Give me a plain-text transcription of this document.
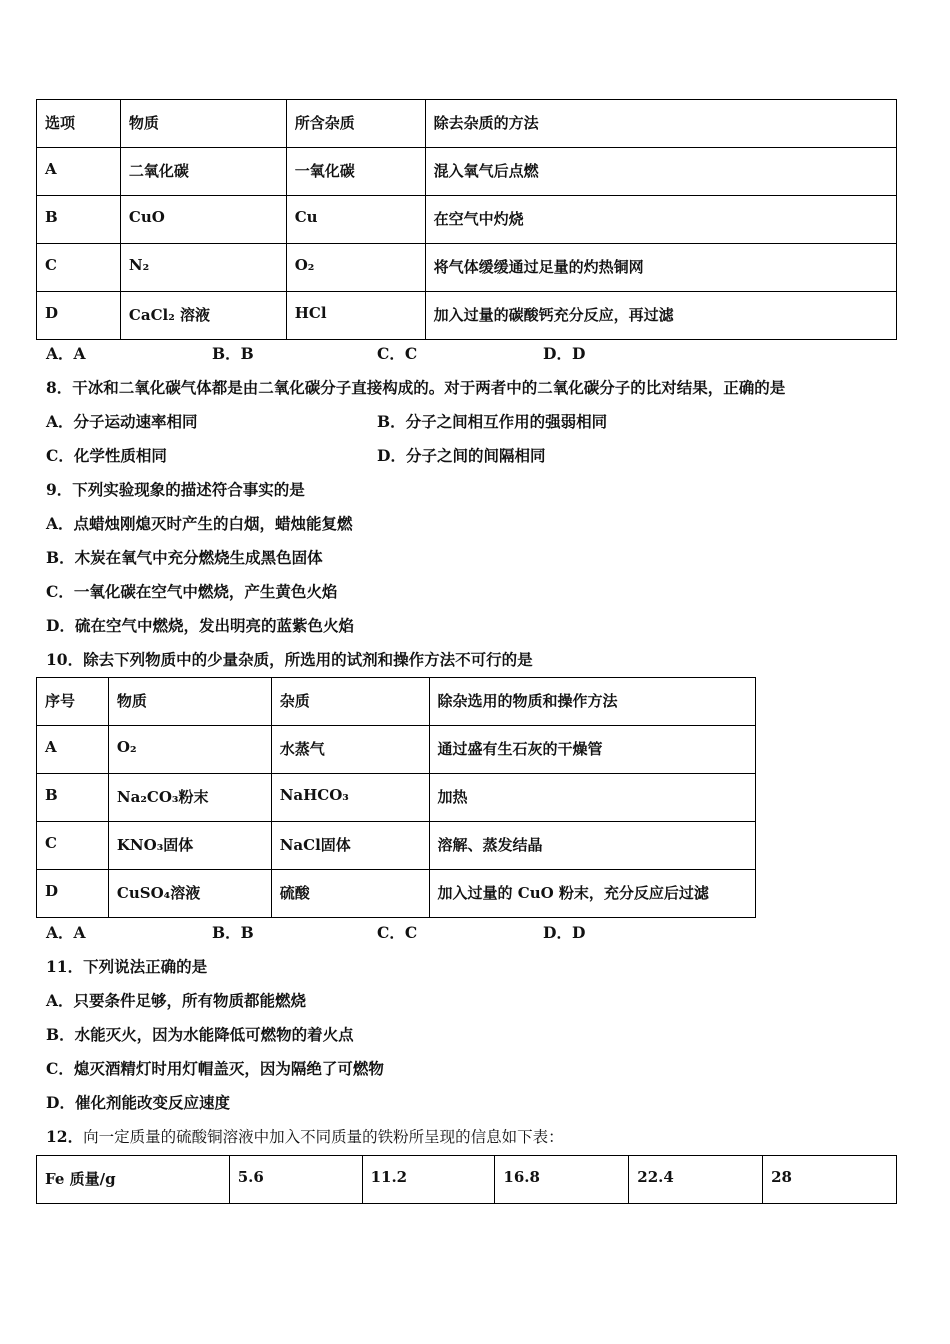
选项	物质	所含杂质	除去杂质的方法
A	二氧化碳	一氧化碳	混入氧气后点燃
B	CuO	Cu	在空气中灼烧
C	N₂	O₂	将气体缓缓通过足量的灼热铜网
D	CaCl₂ 溶液	HCl	加入过量的碳酸钙充分反应，再过滤
A．A	B．B	C．C	D．D
8．干冰和二氧化碳气体都是由二氧化碳分子直接构成的。对于两者中的二氧化碳分子的比对结果，正确的是
A．分子运动速率相同	B．分子之间相互作用的强弱相同
C．化学性质相同	D．分子之间的间隔相同
9．下列实验现象的描述符合事实的是
A．点蜡烛刚熄灭时产生的白烟，蜡烛能复燃
B．木炭在氧气中充分燃烧生成黑色固体
C．一氧化碳在空气中燃烧，产生黄色火焰
D．硫在空气中燃烧，发出明亮的蓝紫色火焰
10．除去下列物质中的少量杂质，所选用的试剂和操作方法不可行的是
序号	物质	杂质	除杂选用的物质和操作方法
A	O₂	水蒸气	通过盛有生石灰的干燥管
B	Na₂CO₃粉末	NaHCO₃	加热
C	KNO₃固体	NaCl固体	溶解、蒸发结晶
D	CuSO₄溶液	硫酸	加入过量的 CuO 粉末，充分反应后过滤
A．A	B．B	C．C	D．D
11．下列说法正确的是
A．只要条件足够，所有物质都能燃烧
B．水能灭火，因为水能降低可燃物的着火点
C．熄灭酒精灯时用灯帽盖灭，因为隔绝了可燃物
D．催化剂能改变反应速度
12．向一定质量的硫酸铜溶液中加入不同质量的铁粉所呈现的信息如下表：
Fe 质量/g	5.6	11.2	16.8	22.4	28
